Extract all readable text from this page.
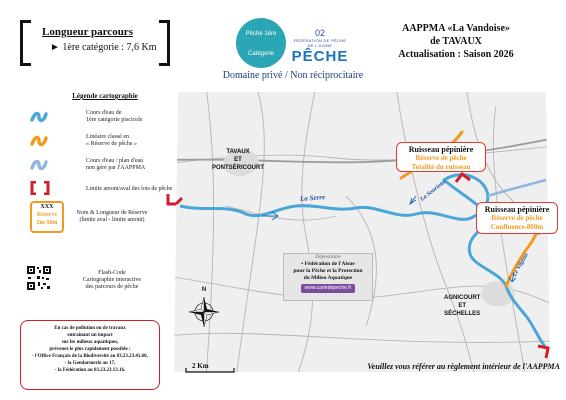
Longueur parcours
► 1ère catégorie : 7,6 Km
Pêche 1ère
Catégorie
02
FÉDÉRATION DE PÊCHE DE L'AISNE
PÊCHE
Domaine privé / Non réciprocitaire
AAPPMA «La Vandoise»
de TAVAUX
Actualisation : Saison 2026
Légende cartographie
Cours d'eau de
1ère catégorie piscicole
Linéaire classé en
« Réserve de pêche »
Cours d'eau / plan d'eau
non géré par l'AAPPMA
Limite amont/aval des lots de pêche
XXX
Réserve
2m-50m
Nom & Longueur de Réserve
(limite aval - limite amont)
Flash-Code
Cartographie interactive
des parcours de pêche
En cas de pollution ou de travaux
entraînant un impact
sur les milieux aquatiques,
prévenez le plus rapidement possible :
- l'Office Français de la Biodiversité au 03.23.23.41.60,
- la Gendarmerie au 17,
- la Fédération au 03.23.23.13.16.
N
TAVAUX
ET
PONTSÉRICOURT
AGNICOURT
ET
SÉCHELLES
La Serre	La Souriette
Le Vilpion
Ruisseau pépinière
Réserve de pêche
Totalité du ruisseau
Ruisseau pépinière
Réserve de pêche
Confluence-800m
Dépositaire
• Fédération de l'Aisne
pour la Pêche et la Protection
du Milieu Aquatique
www.cartedepeche.fr
2 Km	Veuillez vous référer au règlement intérieur de l'AAPPMA
